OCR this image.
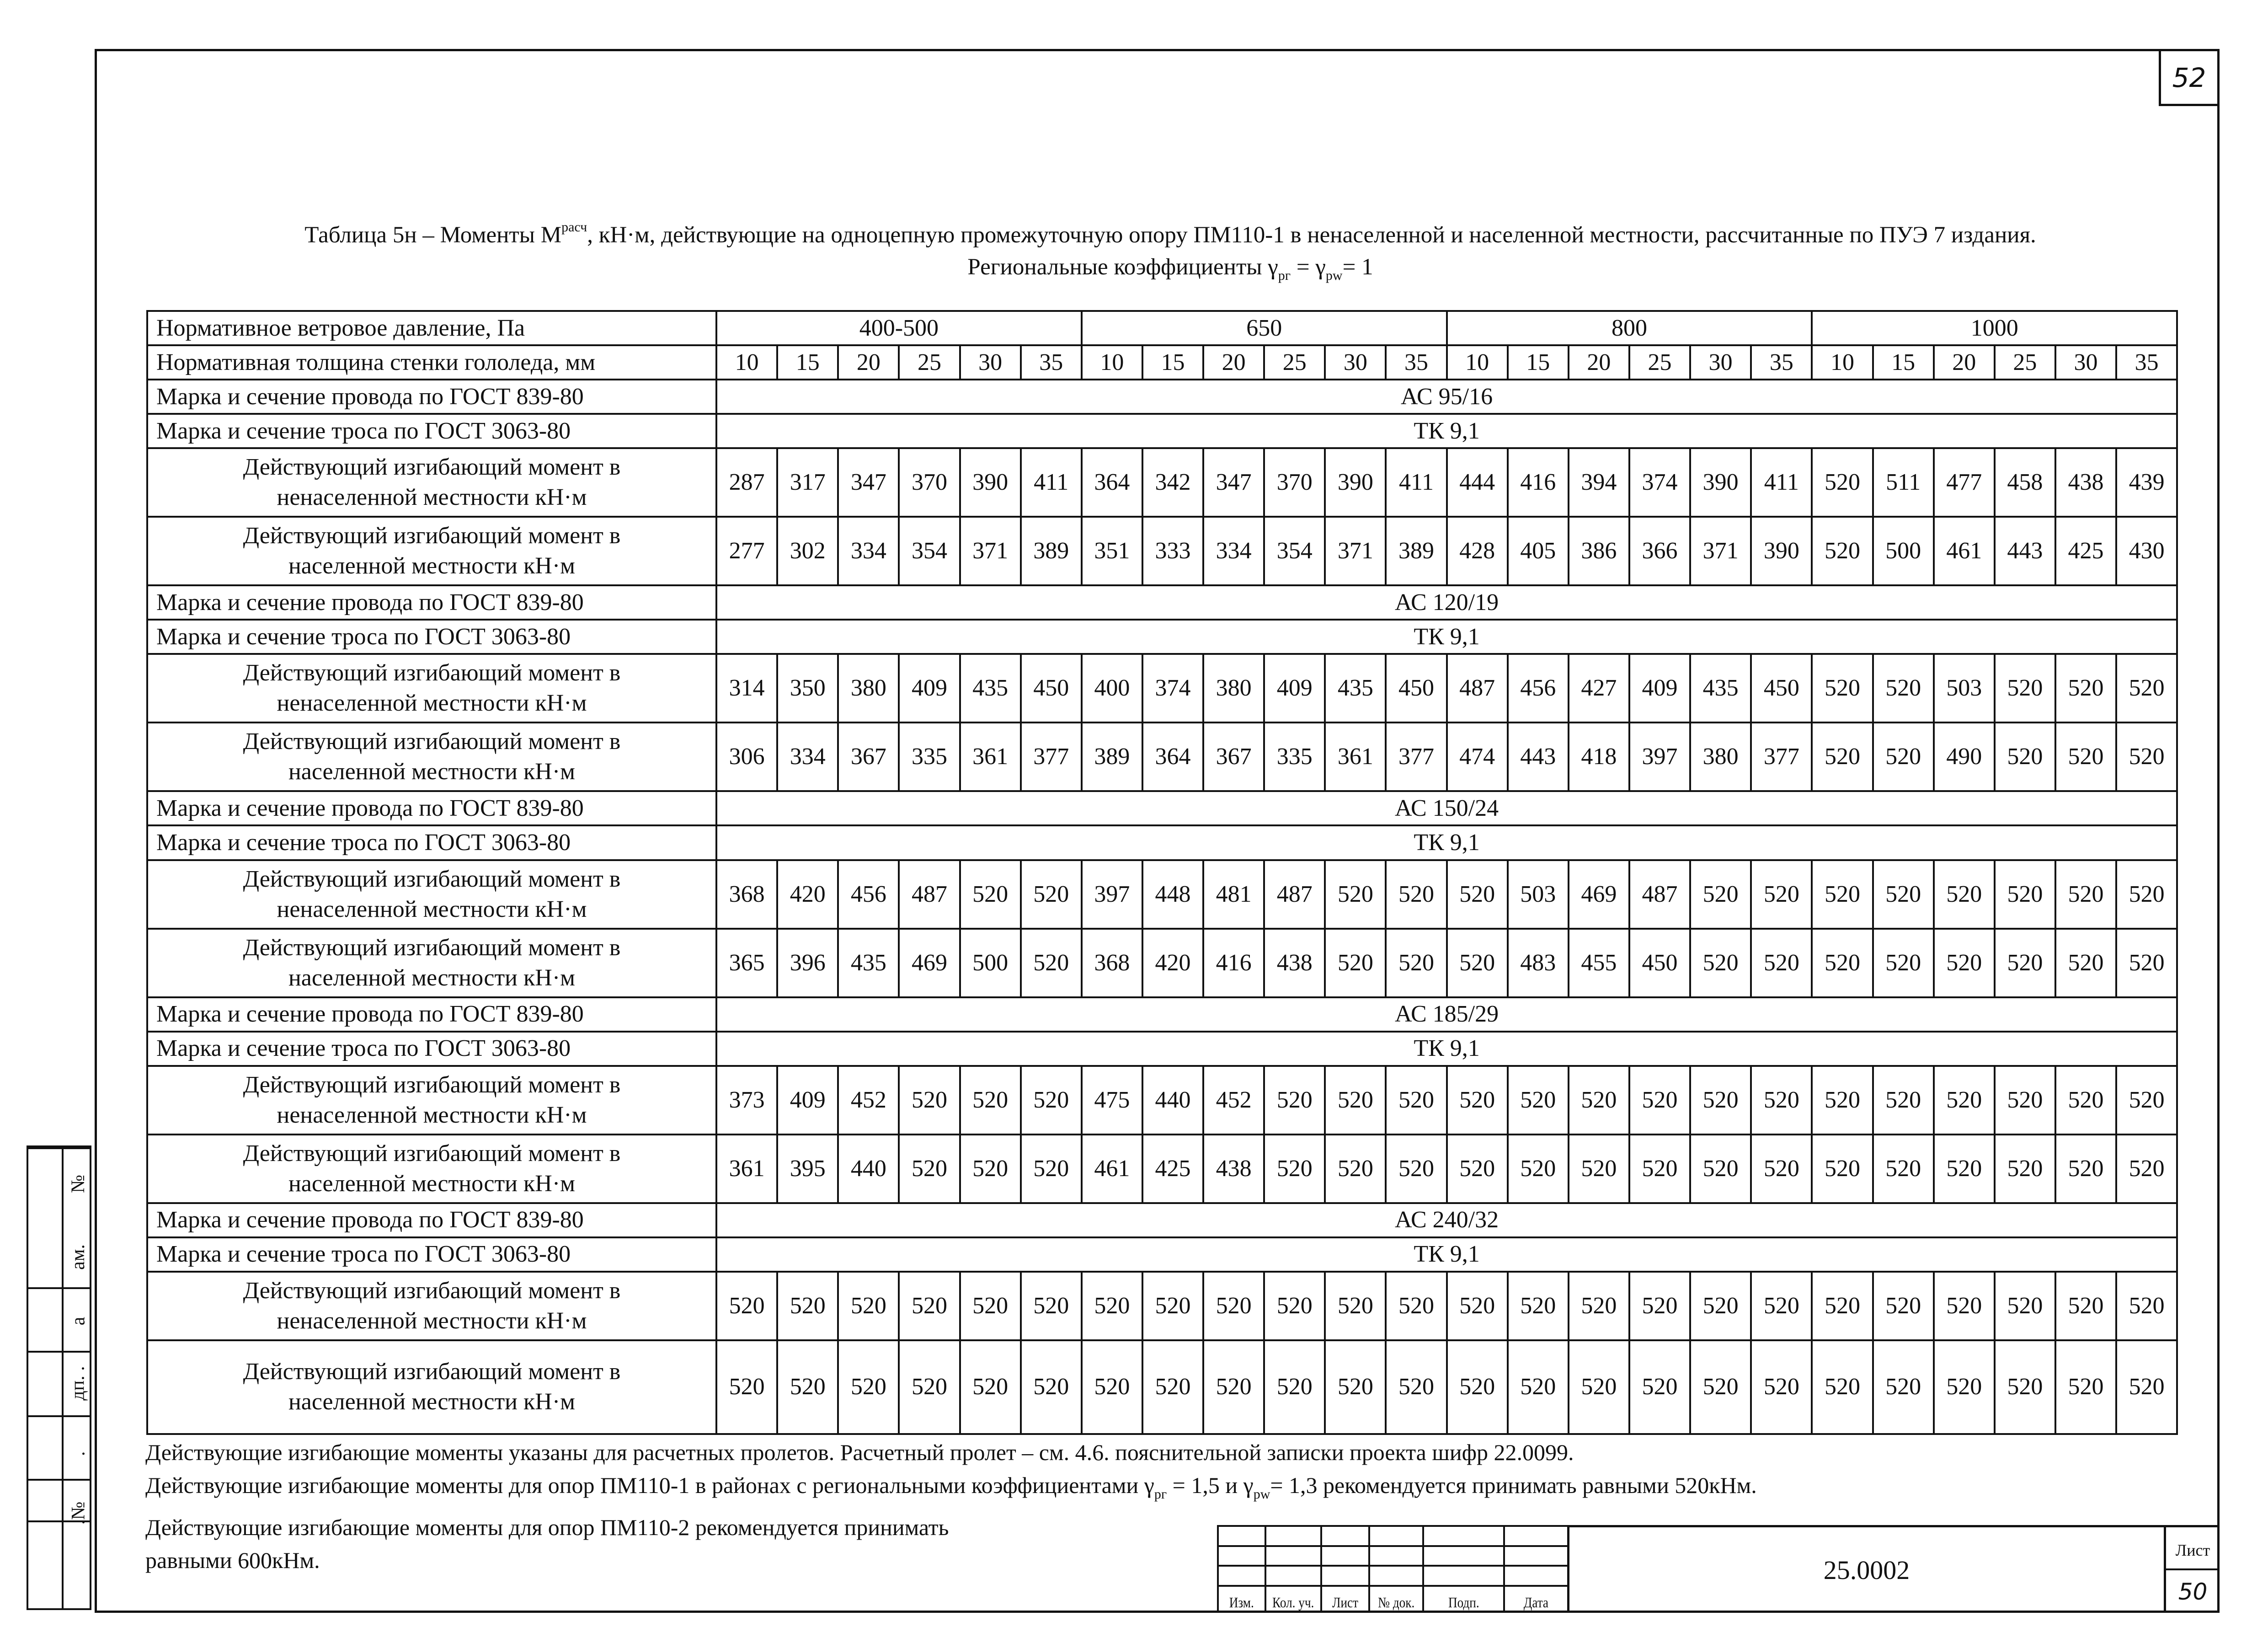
52
Таблица 5н – Моменты $M^{расч}$, кН·м, действующие на одноцепную промежуточную опору ПМ110-1 в ненаселенной и населенной местности, рассчитанные по ПУЭ 7 издания.
Региональные коэффициенты $\gamma_{рг} = \gamma_{pw}= 1$
Нормативное ветровое давление, Па	400-500						650						800						1000					
Нормативная толщина стенки гололеда, мм	10	15	20	25	30	35	10	15	20	25	30	35	10	15	20	25	30	35	10	15	20	25	30	35
Марка и сечение провода по ГОСТ 839-80	АС 95/16																							
Марка и сечение троса по ГОСТ 3063-80	ТК 9,1																							

Действующий изгибающий момент в
ненаселенной местности кН·м	287	317	347	370	390	411	364	342	347	370	390	411	444	416	394	374	390	411	520	511	477	458	438	439

Действующий изгибающий момент в
населенной местности кН·м	277	302	334	354	371	389	351	333	334	354	371	389	428	405	386	366	371	390	520	500	461	443	425	430
Марка и сечение провода по ГОСТ 839-80	АС 120/19																							
Марка и сечение троса по ГОСТ 3063-80	ТК 9,1																							

Действующий изгибающий момент в
ненаселенной местности кН·м	314	350	380	409	435	450	400	374	380	409	435	450	487	456	427	409	435	450	520	520	503	520	520	520

Действующий изгибающий момент в
населенной местности кН·м	306	334	367	335	361	377	389	364	367	335	361	377	474	443	418	397	380	377	520	520	490	520	520	520
Марка и сечение провода по ГОСТ 839-80	АС 150/24																							
Марка и сечение троса по ГОСТ 3063-80	ТК 9,1																							

Действующий изгибающий момент в
ненаселенной местности кН·м	368	420	456	487	520	520	397	448	481	487	520	520	520	503	469	487	520	520	520	520	520	520	520	520

Действующий изгибающий момент в
населенной местности кН·м	365	396	435	469	500	520	368	420	416	438	520	520	520	483	455	450	520	520	520	520	520	520	520	520
Марка и сечение провода по ГОСТ 839-80	АС 185/29																							
Марка и сечение троса по ГОСТ 3063-80	ТК 9,1																							

Действующий изгибающий момент в
ненаселенной местности кН·м	373	409	452	520	520	520	475	440	452	520	520	520	520	520	520	520	520	520	520	520	520	520	520	520

Действующий изгибающий момент в
населенной местности кН·м	361	395	440	520	520	520	461	425	438	520	520	520	520	520	520	520	520	520	520	520	520	520	520	520
Марка и сечение провода по ГОСТ 839-80	АС 240/32																							
Марка и сечение троса по ГОСТ 3063-80	ТК 9,1																							

Действующий изгибающий момент в
ненаселенной местности кН·м	520	520	520	520	520	520	520	520	520	520	520	520	520	520	520	520	520	520	520	520	520	520	520	520

Действующий изгибающий момент в
населенной местности кН·м	520	520	520	520	520	520	520	520	520	520	520	520	520	520	520	520	520	520	520	520	520	520	520	520
Действующие изгибающие моменты указаны для расчетных пролетов. Расчетный пролет – см. 4.6. пояснительной записки проекта шифр 22.0099.
Действующие изгибающие моменты для опор ПМ110-1 в районах с региональными коэффициентами $\gamma_{рг} = 1,5$ и $\gamma_{pw}= 1,3$ рекомендуется принимать равными 520кНм.
Действующие изгибающие моменты для опор ПМ110-2 рекомендуется принимать
равными 600кНм.
№
ам.
а
дп. .
.
.№

Изм.	Кол. уч.	Лист	№ док.	Подп.	Дата
25.0002
Лист
50
